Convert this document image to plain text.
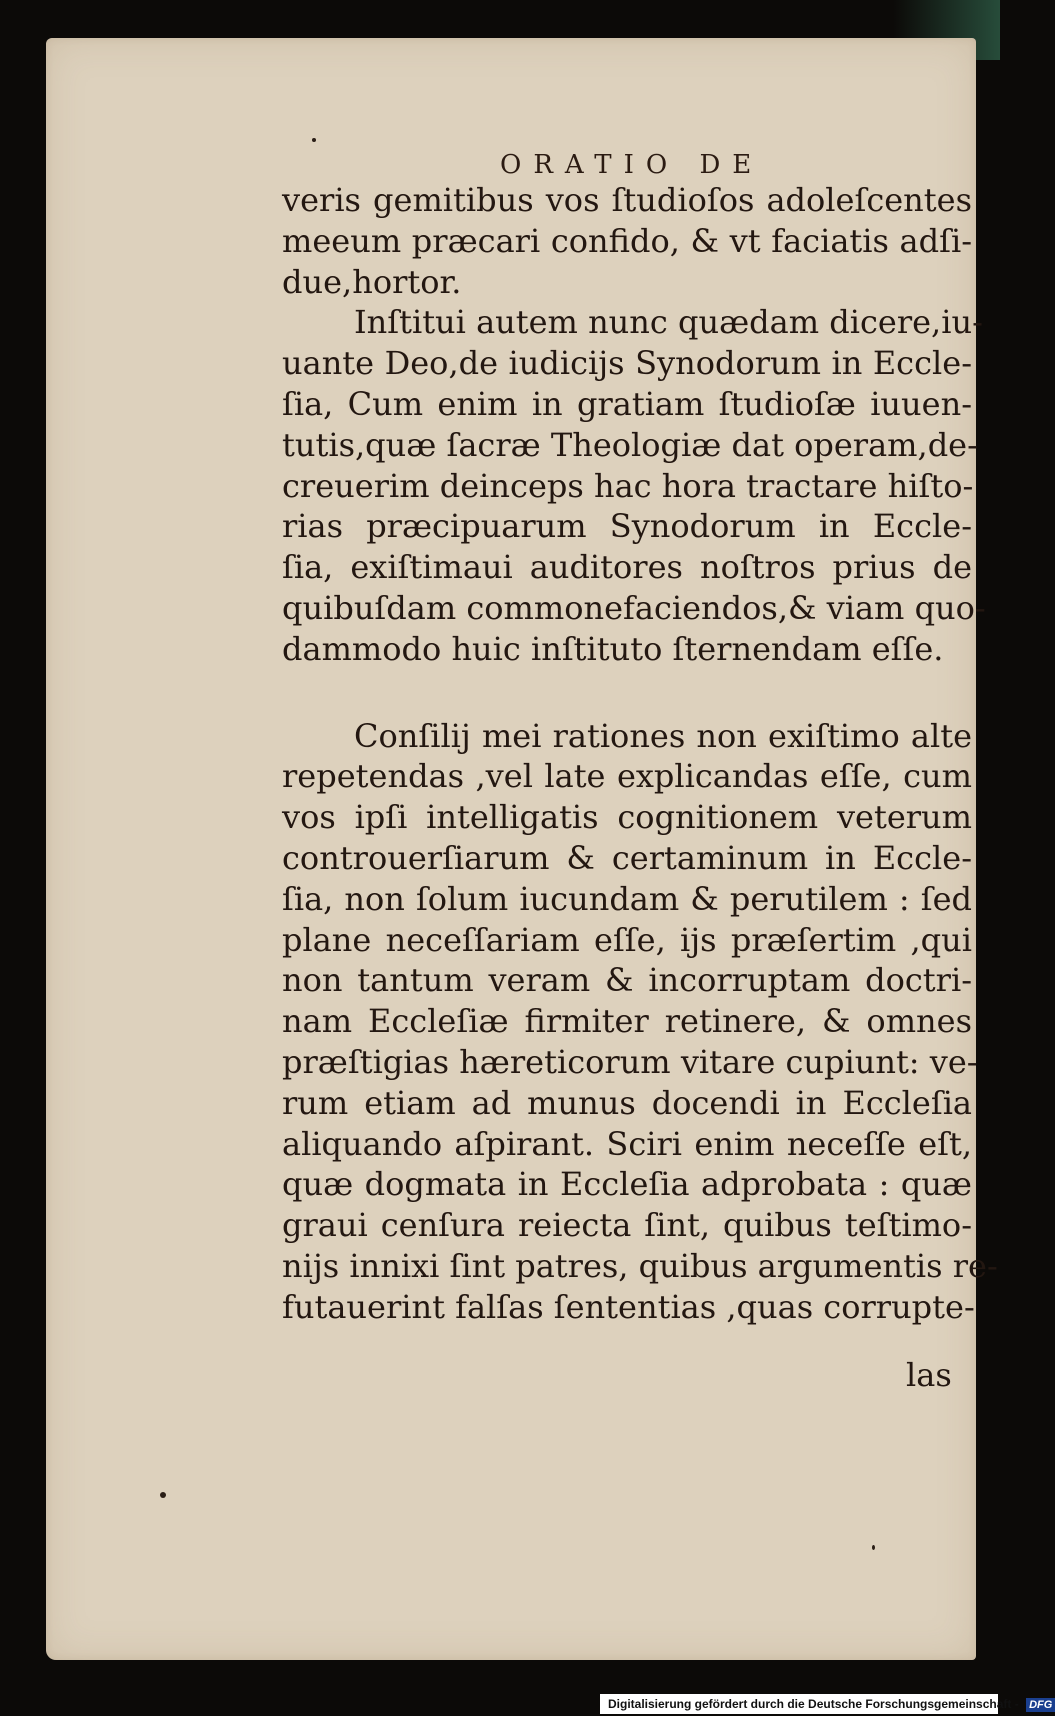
ORATIO DE
veris gemitibus vos ſtudioſos adoleſcentes
meeum præcari confido, & vt faciatis adſi-
due,hortor.
Inſtitui autem nunc quædam dicere,iu-
uante Deo,de iudicijs Synodorum in Eccle-
ſia, Cum enim in gratiam ſtudioſæ iuuen-
tutis,quæ ſacræ Theologiæ dat operam,de-
creuerim deinceps hac hora tractare hiſto-
rias præcipuarum Synodorum in Eccle-
ſia, exiſtimaui auditores noſtros prius de
quibuſdam commonefaciendos,& viam quo-
dammodo huic inſtituto ſternendam eſſe.
Conſilij mei rationes non exiſtimo alte
repetendas ,vel late explicandas eſſe, cum
vos ipſi intelligatis cognitionem veterum
controuerſiarum & certaminum in Eccle-
ſia, non ſolum iucundam & perutilem : ſed
plane neceſſariam eſſe, ijs præſertim ,qui
non tantum veram & incorruptam doctri-
nam Eccleſiæ firmiter retinere, & omnes
præſtigias hæreticorum vitare cupiunt: ve-
rum etiam ad munus docendi in Eccleſia
aliquando aſpirant. Sciri enim neceſſe eſt,
quæ dogmata in Eccleſia adprobata : quæ
graui cenſura reiecta ſint, quibus teſtimo-
nijs innixi ſint patres, quibus argumentis re-
futauerint falſas ſententias ,quas corrupte-
las
Digitalisierung gefördert durch die Deutsche Forschungsgemeinschaft - DFG
